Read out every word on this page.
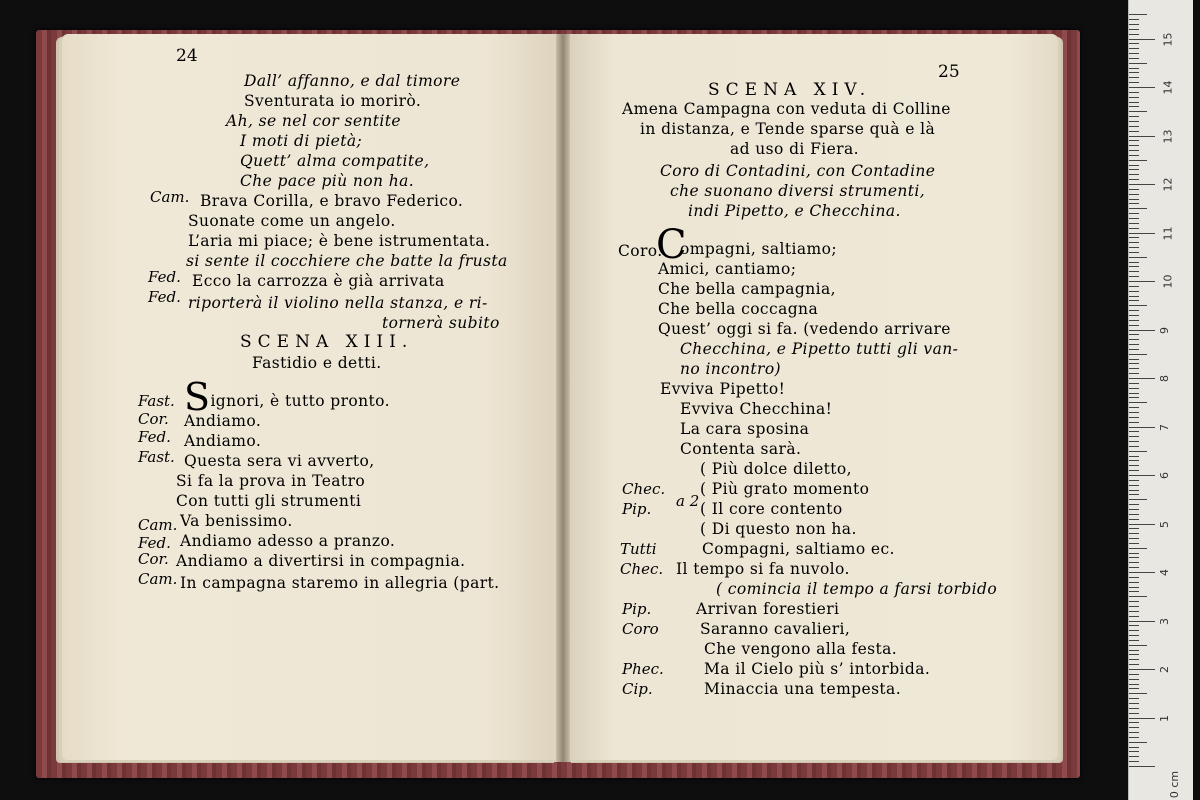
0 cm
1
2
3
4
5
6
7
8
9
10
11
12
13
14
15
24
Dall’ affanno, e dal timore
Sventurata io morirò.
Ah, se nel cor sentite
I moti di pietà;
Quett’ alma compatite,
Che pace più non ha.
Brava Corilla, e bravo Federico.
Suonate come un angelo.
L’aria mi piace; è bene istrumentata.
si sente il cocchiere che batte la frusta
Ecco la carrozza è già arrivata
riporterà il violino nella stanza, e ri-
tornerà subito
Cam.
Fed.
Fed.
SCENA XIII.
Fastidio e detti.
Fast. Signori, è tutto pronto.
Cor. Andiamo.
Fed. Andiamo.
Fast. Questa sera vi avverto,
Si fa la prova in Teatro
Con tutti gli strumenti
Cam. Va benissimo.
Fed. Andiamo adesso a pranzo.
Cor. Andiamo a divertirsi in compagnia.
Cam. In campagna staremo in allegria (part.
25
SCENA XIV.
Amena Campagna con veduta di Colline
in distanza, e Tende sparse quà e là
ad uso di Fiera.
Coro di Contadini, con Contadine
che suonano diversi strumenti,
indi Pipetto, e Checchina.
Coro.
C
ompagni, saltiamo;
Amici, cantiamo;
Che bella campagnia,
Che bella coccagna
Quest’ oggi si fa. (vedendo arrivare
Checchina, e Pipetto tutti gli van-
no incontro)
Evviva Pipetto!
Evviva Checchina!
La cara sposina
Contenta sarà.
( Più dolce diletto,
( Più grato momento
( Il core contento
( Di questo non ha.
Compagni, saltiamo ec.
Il tempo si fa nuvolo.
( comincia il tempo a farsi torbido
Arrivan forestieri
Saranno cavalieri,
Che vengono alla festa.
Ma il Cielo più s’ intorbida.
Minaccia una tempesta.
Chec.
a 2
Pip.
Tutti
Chec.
Pip.
Coro
Phec.
Cip.
